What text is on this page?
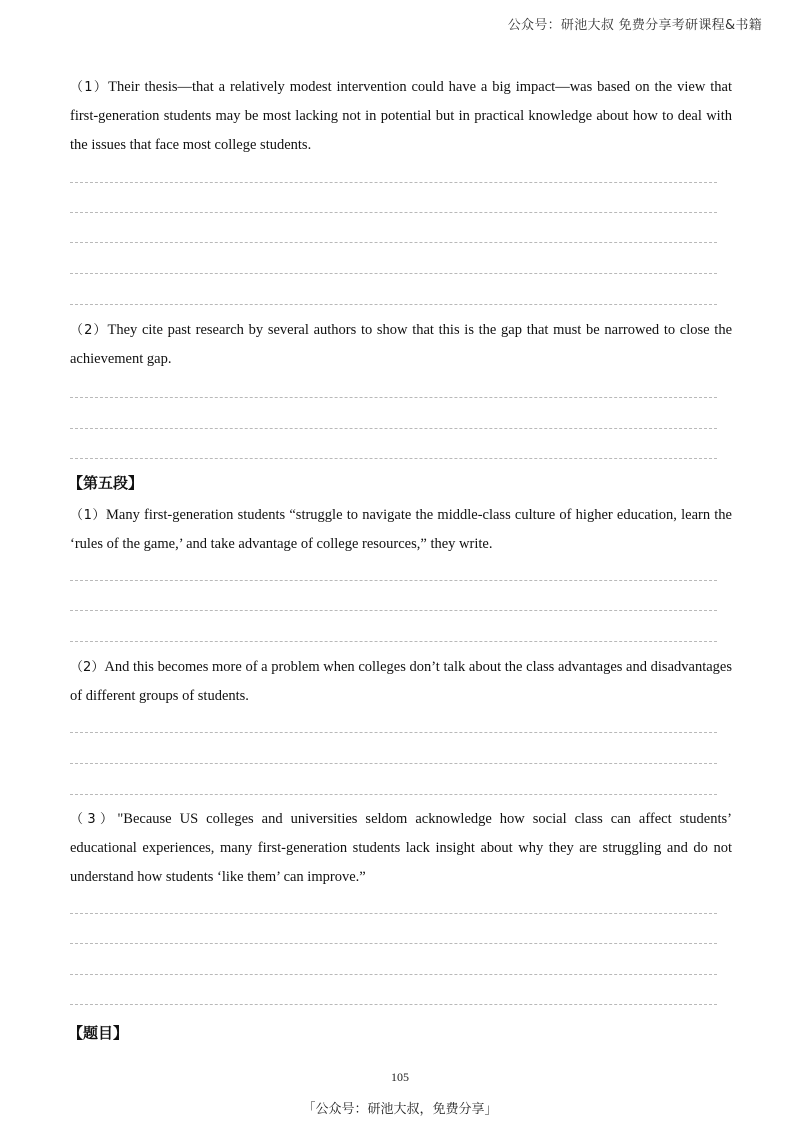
公众号：研池大叔 免费分享考研课程&书籍
（1）Their thesis—that a relatively modest intervention could have a big impact—was based on the view that first-generation students may be most lacking not in potential but in practical knowledge about how to deal with the issues that face most college students.
（2）They cite past research by several authors to show that this is the gap that must be narrowed to close the achievement gap.
【第五段】
（1）Many first-generation students “struggle to navigate the middle-class culture of higher education, learn the ‘rules of the game,’ and take advantage of college resources,” they write.
（2）And this becomes more of a problem when colleges don’t talk about the class advantages and disadvantages of different groups of students.
（3）"Because US colleges and universities seldom acknowledge how social class can affect students’ educational experiences, many first-generation students lack insight about why they are struggling and do not understand how students ‘like them’ can improve.”
【题目】
105
「公众号：研池大叔，免费分享」
